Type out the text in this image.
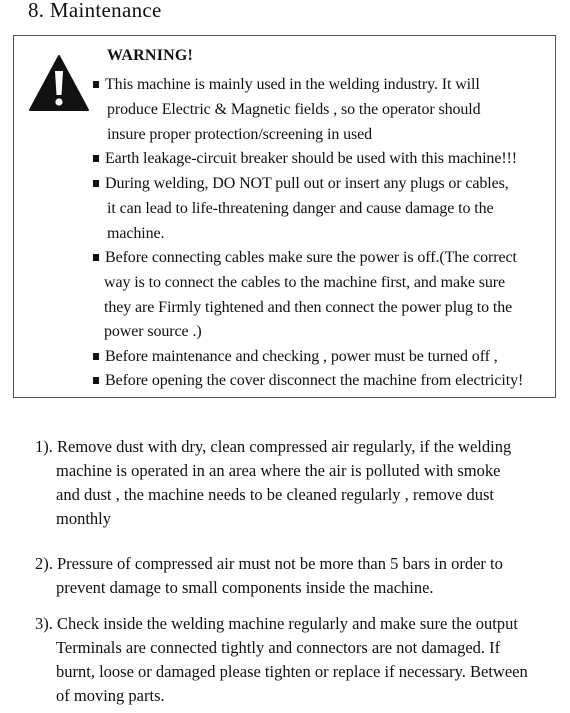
8. Maintenance
WARNING!
This machine is mainly used in the welding industry. It will
produce Electric & Magnetic fields , so the operator should
insure proper protection/screening in used
Earth leakage-circuit breaker should be used with this machine!!!
During welding, DO NOT pull out or insert any plugs or cables,
it can lead to life-threatening danger and cause damage to the
machine.
Before connecting cables make sure the power is off.(The correct
way is to connect the cables to the machine first, and make sure
they are Firmly tightened and then connect the power plug to the
power source .)
Before maintenance and checking , power must be turned off ,
Before opening the cover disconnect the machine from electricity!
1). Remove dust with dry, clean compressed air regularly, if the welding
machine is operated in an area where the air is polluted with smoke
and dust , the machine needs to be cleaned regularly , remove dust
monthly
2). Pressure of compressed air must not be more than 5 bars in order to
prevent damage to small components inside the machine.
3). Check inside the welding machine regularly and make sure the output
Terminals are connected tightly and connectors are not damaged. If
burnt, loose or damaged please tighten or replace if necessary. Between
of moving parts.
